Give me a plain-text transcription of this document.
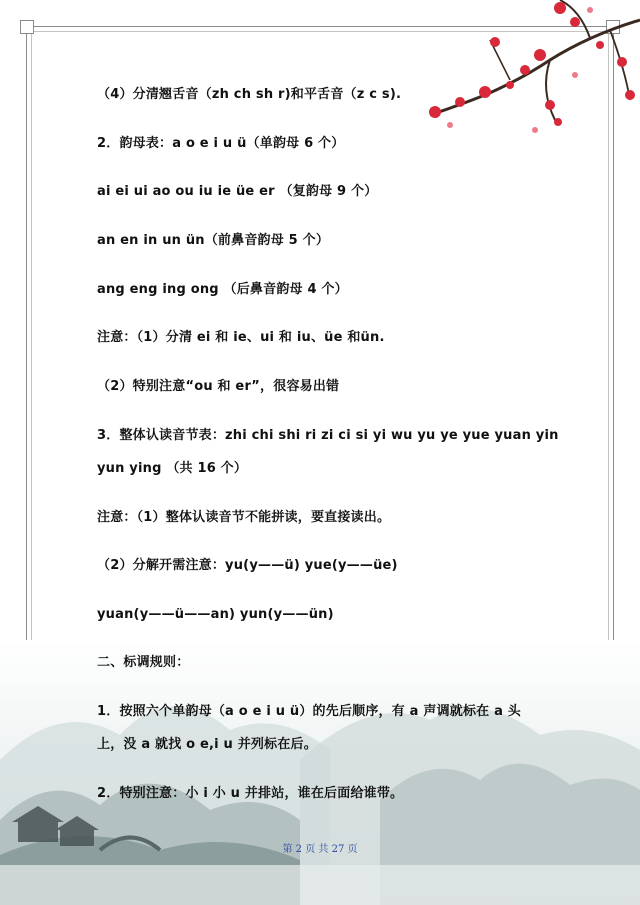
（4）分清翘舌音（zh ch sh r)和平舌音（z c s).

2．韵母表：a o e i u ü（单韵母 6 个）

ai ei ui ao ou iu ie üe er （复韵母 9 个）

an en in un ün（前鼻音韵母 5 个）

ang eng ing ong （后鼻音韵母 4 个）

注意：（1）分清 ei 和 ie、ui 和 iu、üe 和ün.

（2）特别注意“ou 和 er”，很容易出错

3．整体认读音节表：zhi chi shi ri zi ci si yi wu yu ye yue yuan yin

yun ying （共 16 个）

注意：（1）整体认读音节不能拼读，要直接读出。

（2）分解开需注意：yu(y——ü) yue(y——üe)

yuan(y——ü——an) yun(y——ün)

二、标调规则：

1．按照六个单韵母（a o e i u ü）的先后顺序，有 a 声调就标在 a 头

上，没 a 就找 o e,i u 并列标在后。

2．特别注意：小 i 小 u 并排站，谁在后面给谁带。

第 2 页 共 27 页
